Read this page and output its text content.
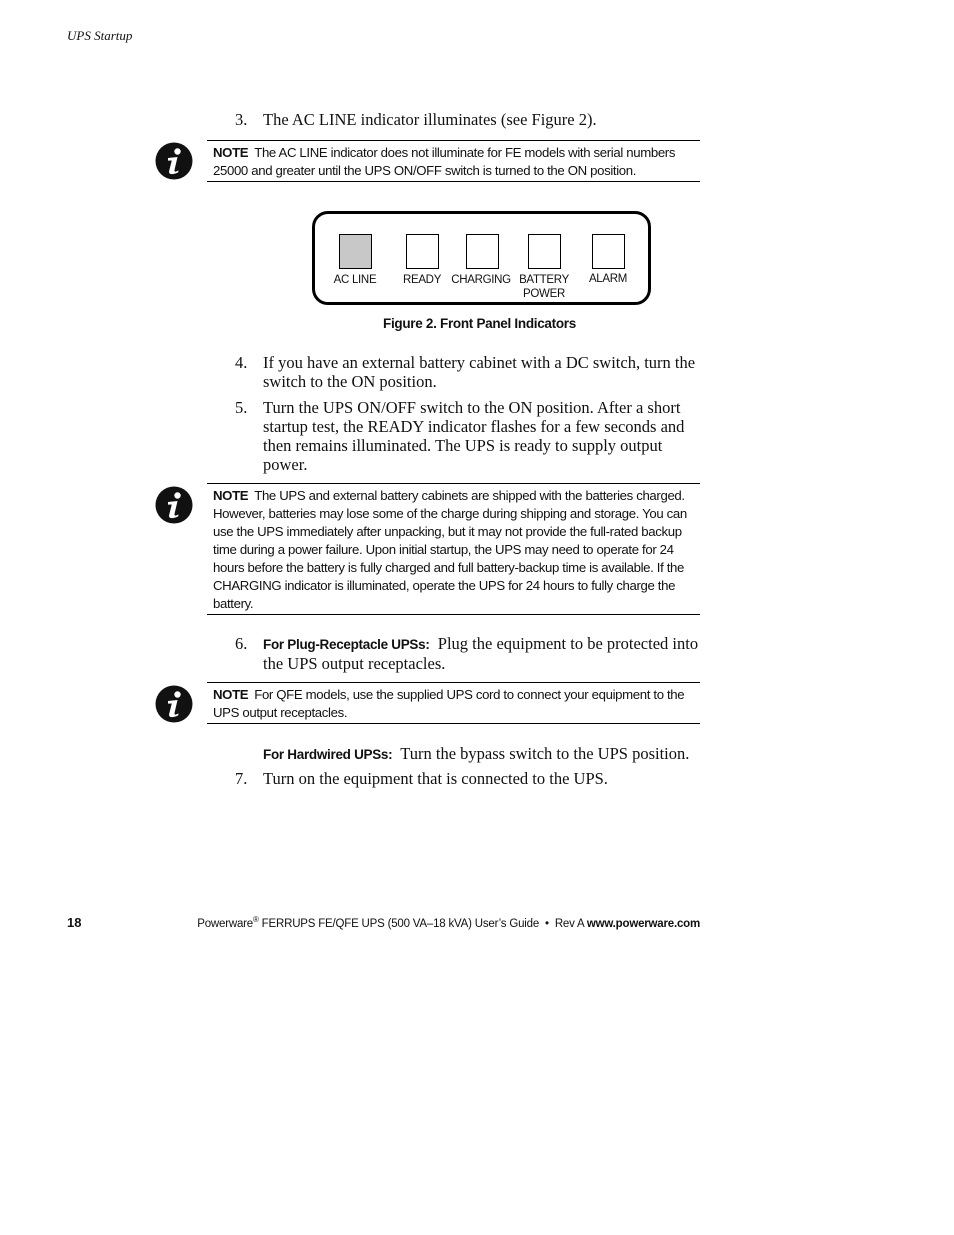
UPS Startup
3. The AC LINE indicator illuminates (see Figure 2).
NOTE The AC LINE indicator does not illuminate for FE models with serial numbers 25000 and greater until the UPS ON/OFF switch is turned to the ON position.
AC LINE	READY CHARGING BATTERY
POWER
ALARM
Figure 2. Front Panel Indicators
4. If you have an external battery cabinet with a DC switch, turn the switch to the ON position.
5. Turn the UPS ON/OFF switch to the ON position. After a short startup test, the READY indicator flashes for a few seconds and then remains illuminated. The UPS is ready to supply output power.
NOTE The UPS and external battery cabinets are shipped with the batteries charged. However, batteries may lose some of the charge during shipping and storage. You can use the UPS immediately after unpacking, but it may not provide the full-rated backup time during a power failure. Upon initial startup, the UPS may need to operate for 24 hours before the battery is fully charged and full battery-backup time is available. If the CHARGING indicator is illuminated, operate the UPS for 24 hours to fully charge the battery.
6. For Plug-Receptacle UPSs: Plug the equipment to be protected into the UPS output receptacles.
NOTE For QFE models, use the supplied UPS cord to connect your equipment to the UPS output receptacles.
For Hardwired UPSs: Turn the bypass switch to the UPS position.
7. Turn on the equipment that is connected to the UPS.
18	Powerware® FERRUPS FE/QFE UPS (500 VA–18 kVA) User’s Guide  •  Rev A www.powerware.com
